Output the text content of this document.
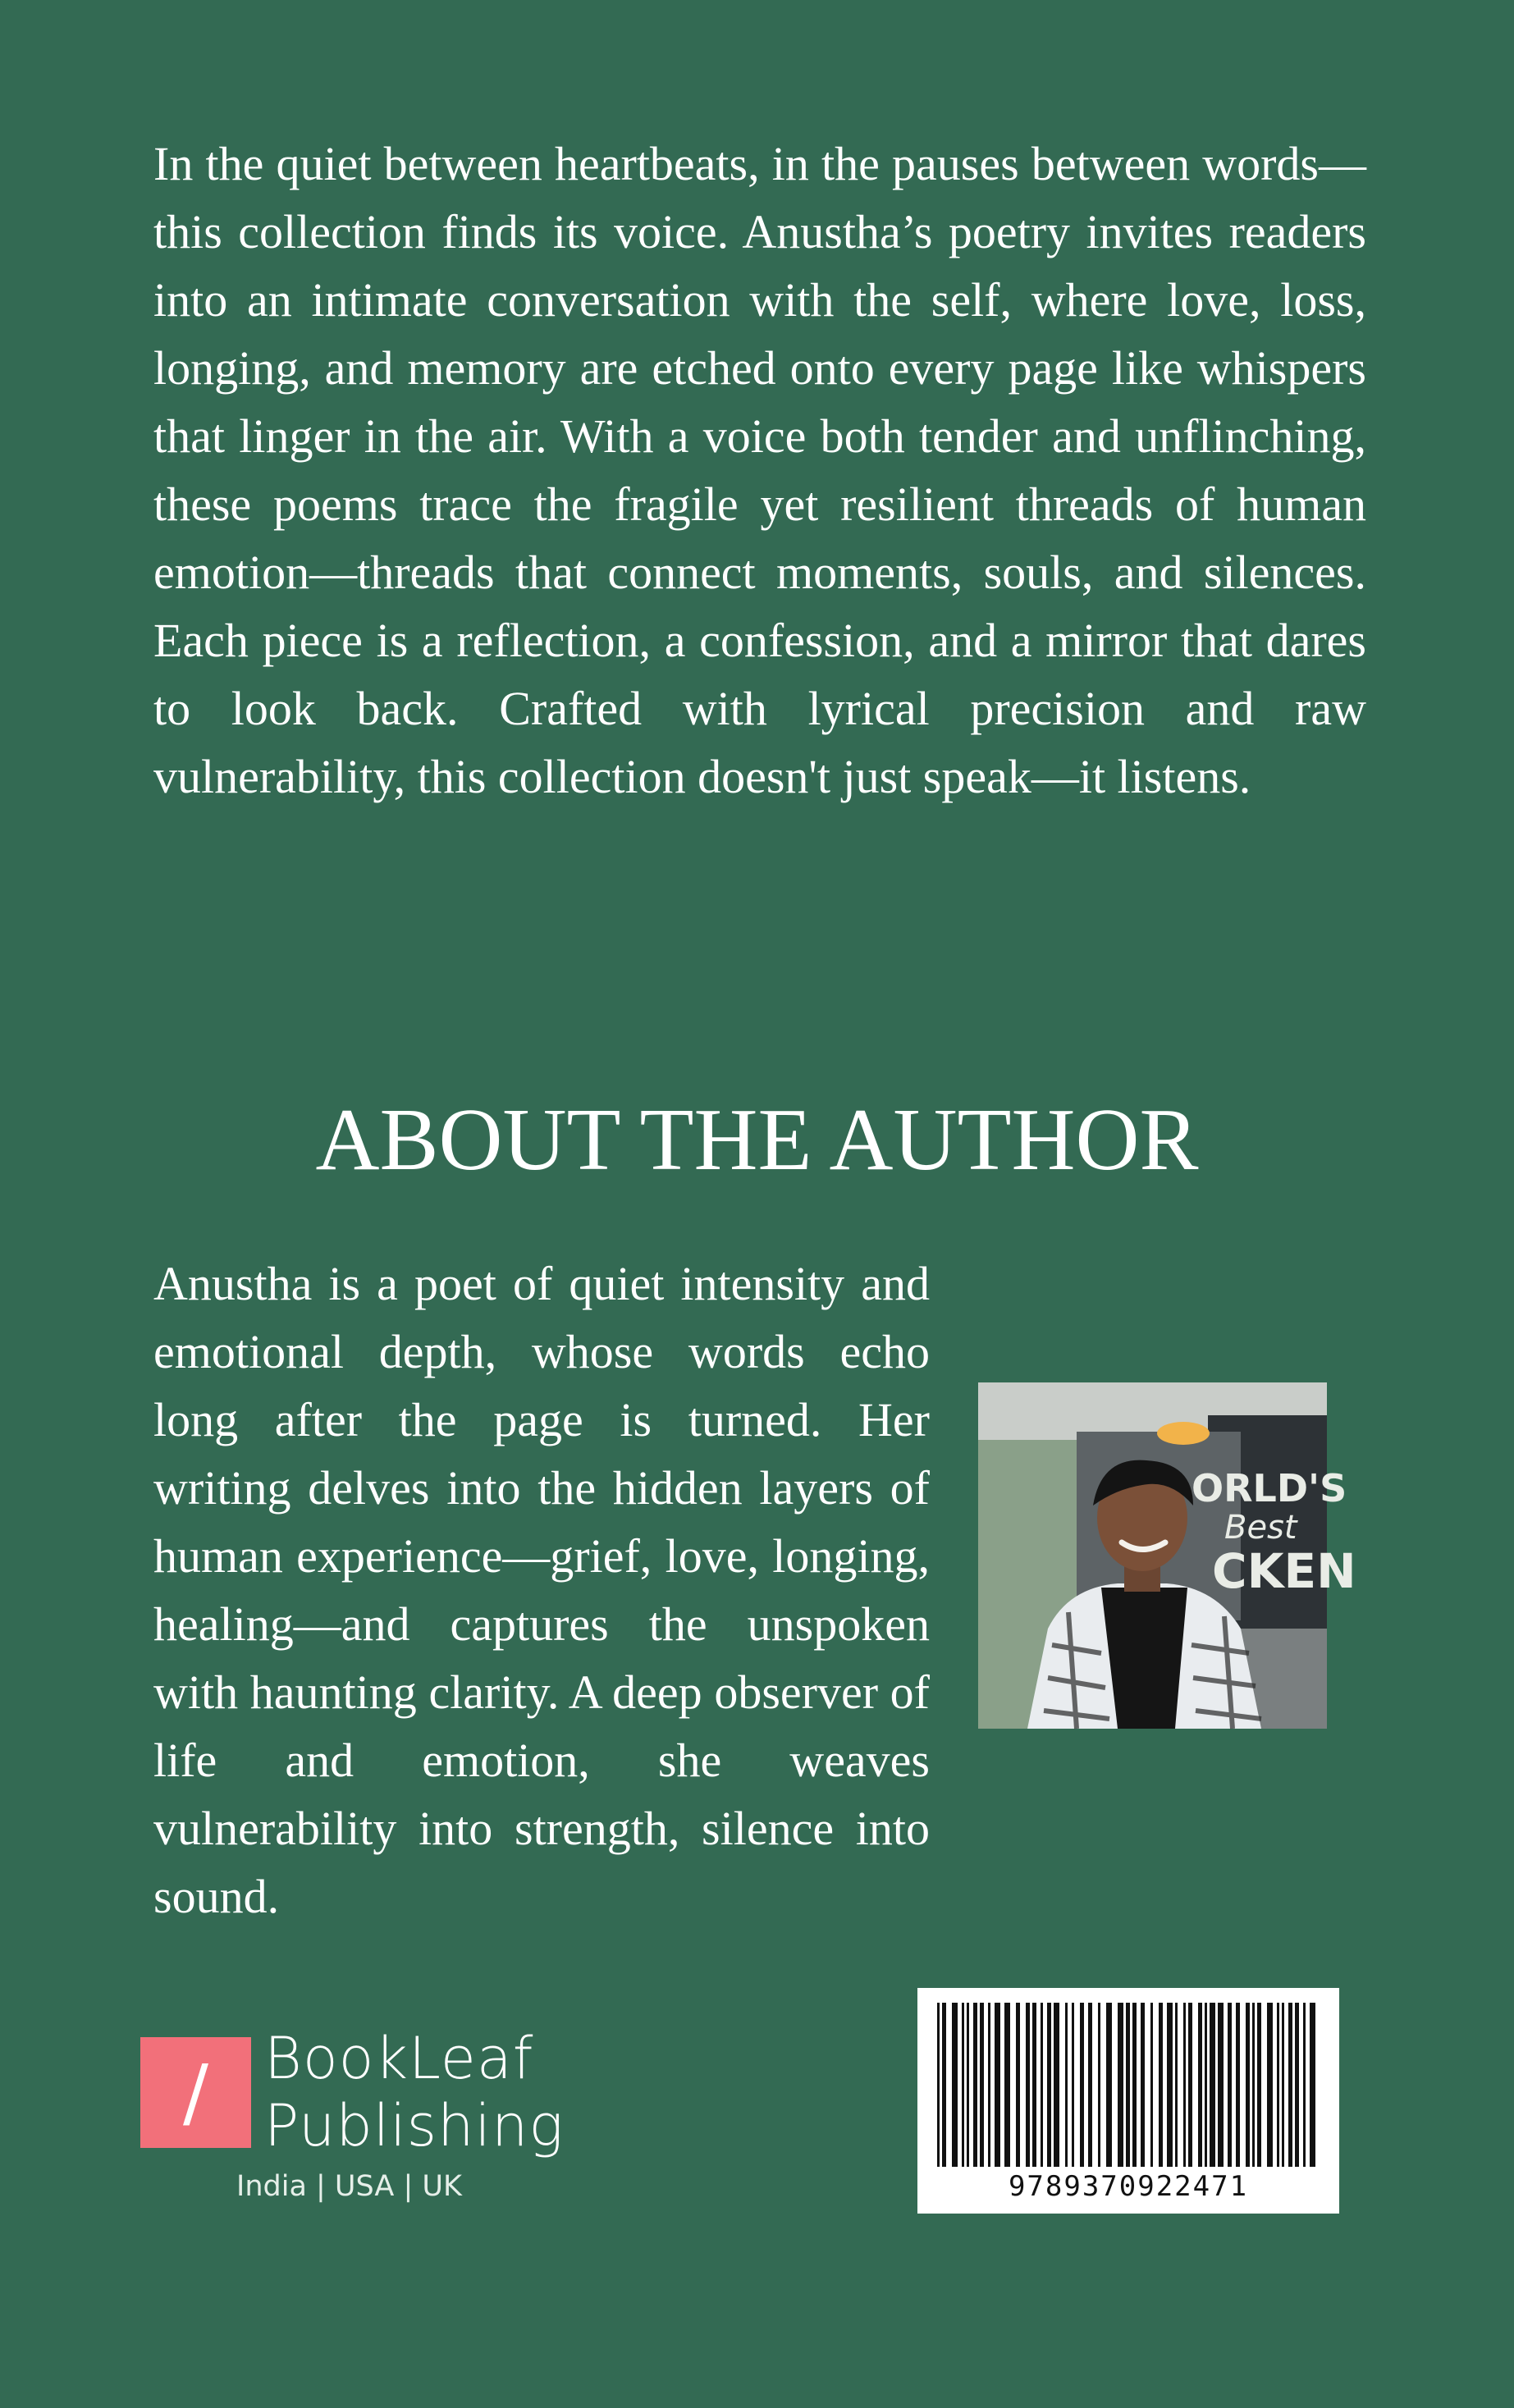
In the quiet between heartbeats, in the pauses between words—this collection finds its voice. Anustha’s poetry invites readers into an intimate conversation with the self, where love, loss, longing, and memory are etched onto every page like whispers that linger in the air. With a voice both tender and unflinching, these poems trace the fragile yet resilient threads of human emotion—threads that connect moments, souls, and silences. Each piece is a reflection, a confession, and a mirror that dares to look back. Crafted with lyrical precision and raw vulnerability, this collection doesn't just speak—it listens.

ABOUT THE AUTHOR

Anustha is a poet of quiet intensity and emotional depth, whose words echo long after the page is turned. Her writing delves into the hidden layers of human experience—grief, love, longing, healing—and captures the unspoken with haunting clarity. A deep observer of life and emotion, she weaves vulnerability into strength, silence into sound.

ORLD'S
Best
CKEN
/ BookLeaf
Publishing
India | USA | UK	9789370922471
